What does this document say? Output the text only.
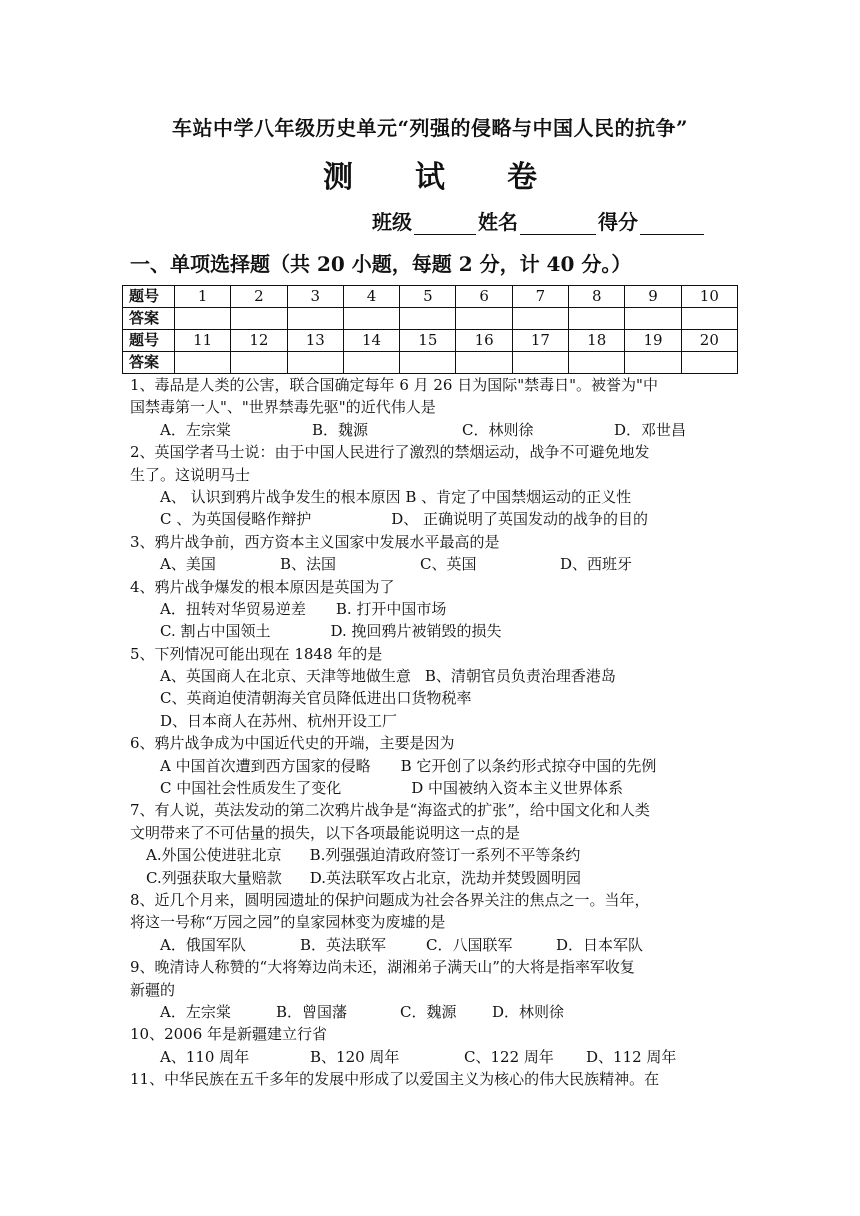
车站中学八年级历史单元“列强的侵略与中国人民的抗争”
测试卷
班级	姓名	得分
一、单项选择题（共 20 小题，每题 2 分，计 40 分。）
题号	1	2	3	4	5	6	7	8	9	10
答案										
题号	11	12	13	14	15	16	17	18	19	20
答案										
1、毒品是人类的公害，联合国确定每年 6 月 26 日为国际"禁毒日"。被誉为"中
国禁毒第一人"、"世界禁毒先驱"的近代伟人是
A．左宗棠	B．魏源	C．林则徐	D．邓世昌
2、英国学者马士说：由于中国人民进行了激烈的禁烟运动，战争不可避免地发
生了。这说明马士
A、 认识到鸦片战争发生的根本原因 B 、肯定了中国禁烟运动的正义性
C 、为英国侵略作辩护	D、 正确说明了英国发动的战争的目的
3、鸦片战争前，西方资本主义国家中发展水平最高的是
A、美国	B、法国	C、英国	D、西班牙
4、鸦片战争爆发的根本原因是英国为了
A．扭转对华贸易逆差 B. 打开中国市场
C. 割占中国领土	D. 挽回鸦片被销毁的损失
5、下列情况可能出现在 1848 年的是
A、英国商人在北京、天津等地做生意 B、清朝官员负责治理香港岛
C、英商迫使清朝海关官员降低进出口货物税率
D、日本商人在苏州、杭州开设工厂
6、鸦片战争成为中国近代史的开端，主要是因为
A 中国首次遭到西方国家的侵略 B 它开创了以条约形式掠夺中国的先例
C 中国社会性质发生了变化	D 中国被纳入资本主义世界体系
7、有人说，英法发动的第二次鸦片战争是“海盗式的扩张”，给中国文化和人类
文明带来了不可估量的损失，以下各项最能说明这一点的是
A.外国公使进驻北京 B.列强强迫清政府签订一系列不平等条约
C.列强获取大量赔款 D.英法联军攻占北京，洗劫并焚毁圆明园
8、近几个月来，圆明园遗址的保护问题成为社会各界关注的焦点之一。当年，
将这一号称“万园之园”的皇家园林变为废墟的是
A．俄国军队	B．英法联军	C．八国联军	D．日本军队
9、晚清诗人称赞的“大将筹边尚未还，湖湘弟子满天山”的大将是指率军收复
新疆的
A．左宗棠	B．曾国藩	C．魏源 D．林则徐
10、2006 年是新疆建立行省
A、110 周年	B、120 周年	C、122 周年 D、112 周年
11、中华民族在五千多年的发展中形成了以爱国主义为核心的伟大民族精神。在
